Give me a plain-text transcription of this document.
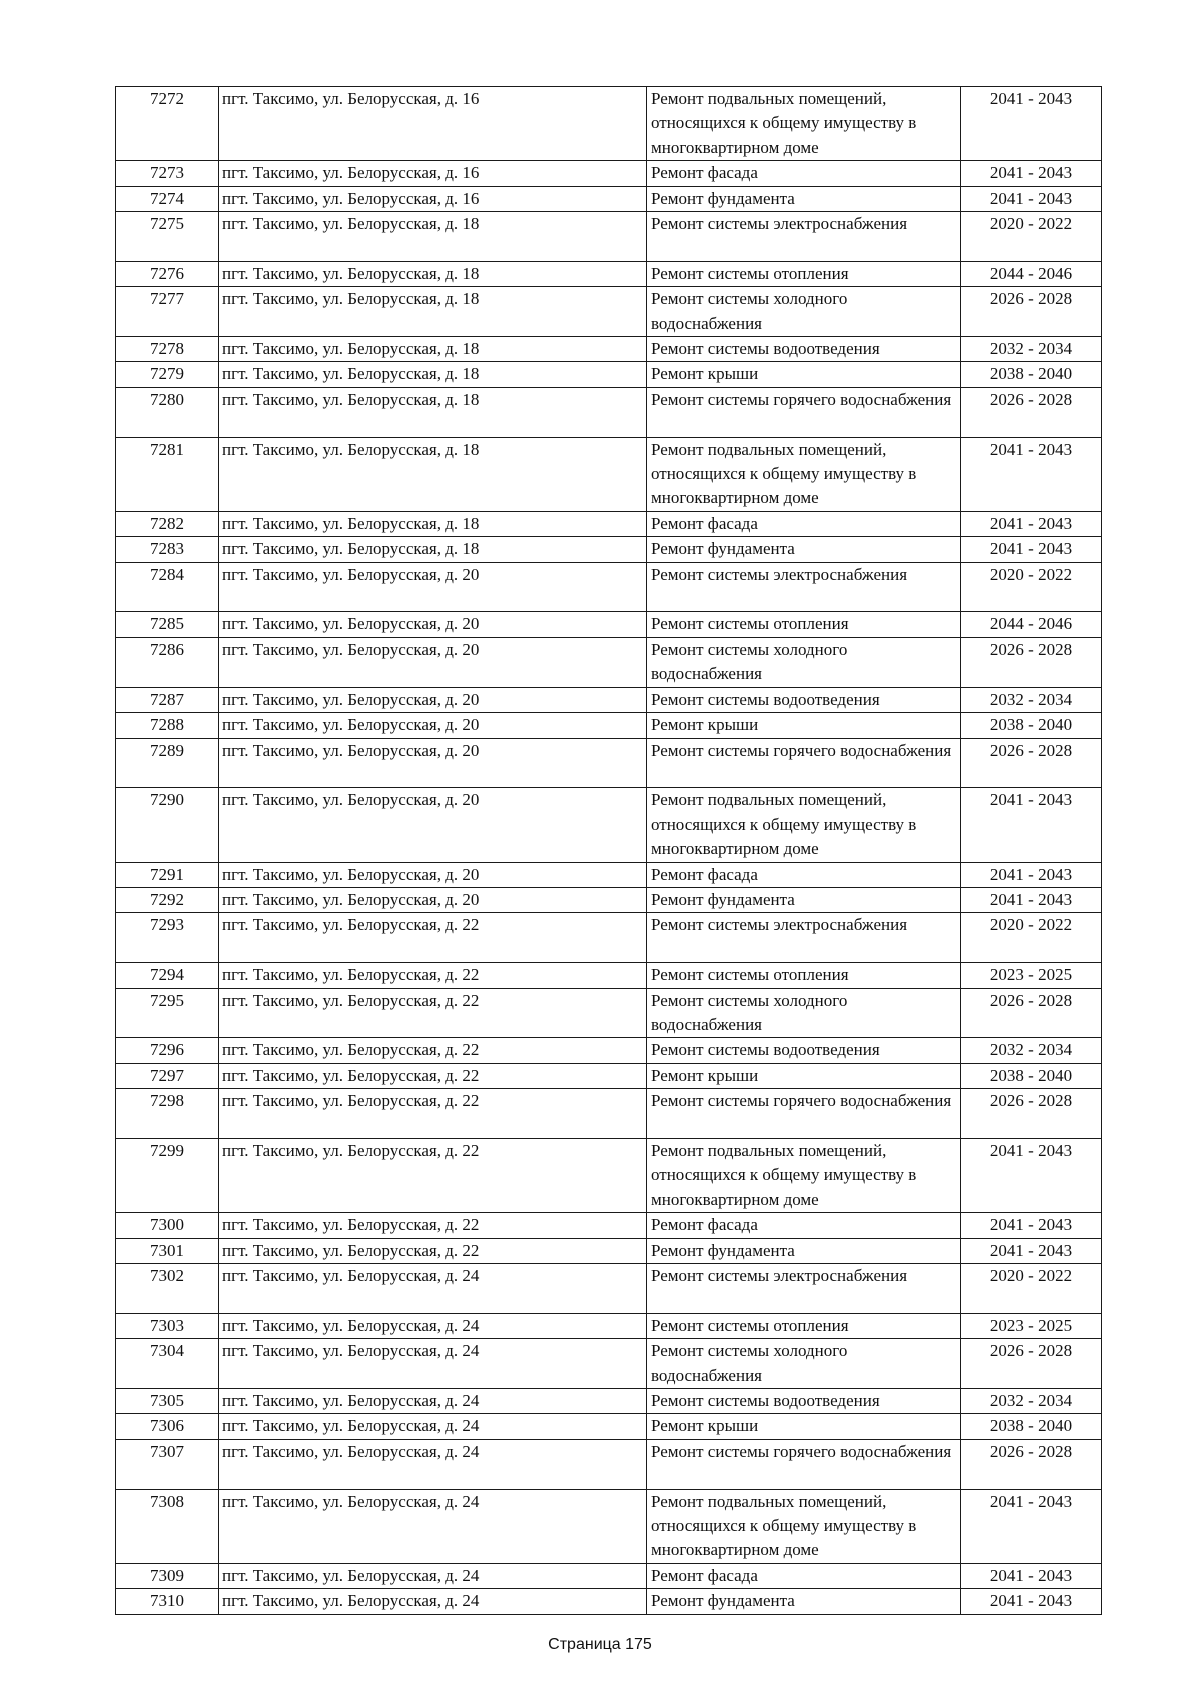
7272	пгт. Таксимо, ул. Белорусская, д. 16	Ремонт подвальных помещений, относящихся к общему имуществу в многоквартирном доме	2041 - 2043
7273	пгт. Таксимо, ул. Белорусская, д. 16	Ремонт фасада	2041 - 2043
7274	пгт. Таксимо, ул. Белорусская, д. 16	Ремонт фундамента	2041 - 2043
7275	пгт. Таксимо, ул. Белорусская, д. 18	Ремонт системы электроснабжения	2020 - 2022
7276	пгт. Таксимо, ул. Белорусская, д. 18	Ремонт системы отопления	2044 - 2046
7277	пгт. Таксимо, ул. Белорусская, д. 18	Ремонт системы холодного водоснабжения	2026 - 2028
7278	пгт. Таксимо, ул. Белорусская, д. 18	Ремонт системы водоотведения	2032 - 2034
7279	пгт. Таксимо, ул. Белорусская, д. 18	Ремонт крыши	2038 - 2040
7280	пгт. Таксимо, ул. Белорусская, д. 18	Ремонт системы горячего водоснабжения	2026 - 2028
7281	пгт. Таксимо, ул. Белорусская, д. 18	Ремонт подвальных помещений, относящихся к общему имуществу в многоквартирном доме	2041 - 2043
7282	пгт. Таксимо, ул. Белорусская, д. 18	Ремонт фасада	2041 - 2043
7283	пгт. Таксимо, ул. Белорусская, д. 18	Ремонт фундамента	2041 - 2043
7284	пгт. Таксимо, ул. Белорусская, д. 20	Ремонт системы электроснабжения	2020 - 2022
7285	пгт. Таксимо, ул. Белорусская, д. 20	Ремонт системы отопления	2044 - 2046
7286	пгт. Таксимо, ул. Белорусская, д. 20	Ремонт системы холодного водоснабжения	2026 - 2028
7287	пгт. Таксимо, ул. Белорусская, д. 20	Ремонт системы водоотведения	2032 - 2034
7288	пгт. Таксимо, ул. Белорусская, д. 20	Ремонт крыши	2038 - 2040
7289	пгт. Таксимо, ул. Белорусская, д. 20	Ремонт системы горячего водоснабжения	2026 - 2028
7290	пгт. Таксимо, ул. Белорусская, д. 20	Ремонт подвальных помещений, относящихся к общему имуществу в многоквартирном доме	2041 - 2043
7291	пгт. Таксимо, ул. Белорусская, д. 20	Ремонт фасада	2041 - 2043
7292	пгт. Таксимо, ул. Белорусская, д. 20	Ремонт фундамента	2041 - 2043
7293	пгт. Таксимо, ул. Белорусская, д. 22	Ремонт системы электроснабжения	2020 - 2022
7294	пгт. Таксимо, ул. Белорусская, д. 22	Ремонт системы отопления	2023 - 2025
7295	пгт. Таксимо, ул. Белорусская, д. 22	Ремонт системы холодного водоснабжения	2026 - 2028
7296	пгт. Таксимо, ул. Белорусская, д. 22	Ремонт системы водоотведения	2032 - 2034
7297	пгт. Таксимо, ул. Белорусская, д. 22	Ремонт крыши	2038 - 2040
7298	пгт. Таксимо, ул. Белорусская, д. 22	Ремонт системы горячего водоснабжения	2026 - 2028
7299	пгт. Таксимо, ул. Белорусская, д. 22	Ремонт подвальных помещений, относящихся к общему имуществу в многоквартирном доме	2041 - 2043
7300	пгт. Таксимо, ул. Белорусская, д. 22	Ремонт фасада	2041 - 2043
7301	пгт. Таксимо, ул. Белорусская, д. 22	Ремонт фундамента	2041 - 2043
7302	пгт. Таксимо, ул. Белорусская, д. 24	Ремонт системы электроснабжения	2020 - 2022
7303	пгт. Таксимо, ул. Белорусская, д. 24	Ремонт системы отопления	2023 - 2025
7304	пгт. Таксимо, ул. Белорусская, д. 24	Ремонт системы холодного водоснабжения	2026 - 2028
7305	пгт. Таксимо, ул. Белорусская, д. 24	Ремонт системы водоотведения	2032 - 2034
7306	пгт. Таксимо, ул. Белорусская, д. 24	Ремонт крыши	2038 - 2040
7307	пгт. Таксимо, ул. Белорусская, д. 24	Ремонт системы горячего водоснабжения	2026 - 2028
7308	пгт. Таксимо, ул. Белорусская, д. 24	Ремонт подвальных помещений, относящихся к общему имуществу в многоквартирном доме	2041 - 2043
7309	пгт. Таксимо, ул. Белорусская, д. 24	Ремонт фасада	2041 - 2043
7310	пгт. Таксимо, ул. Белорусская, д. 24	Ремонт фундамента	2041 - 2043
Страница 175
